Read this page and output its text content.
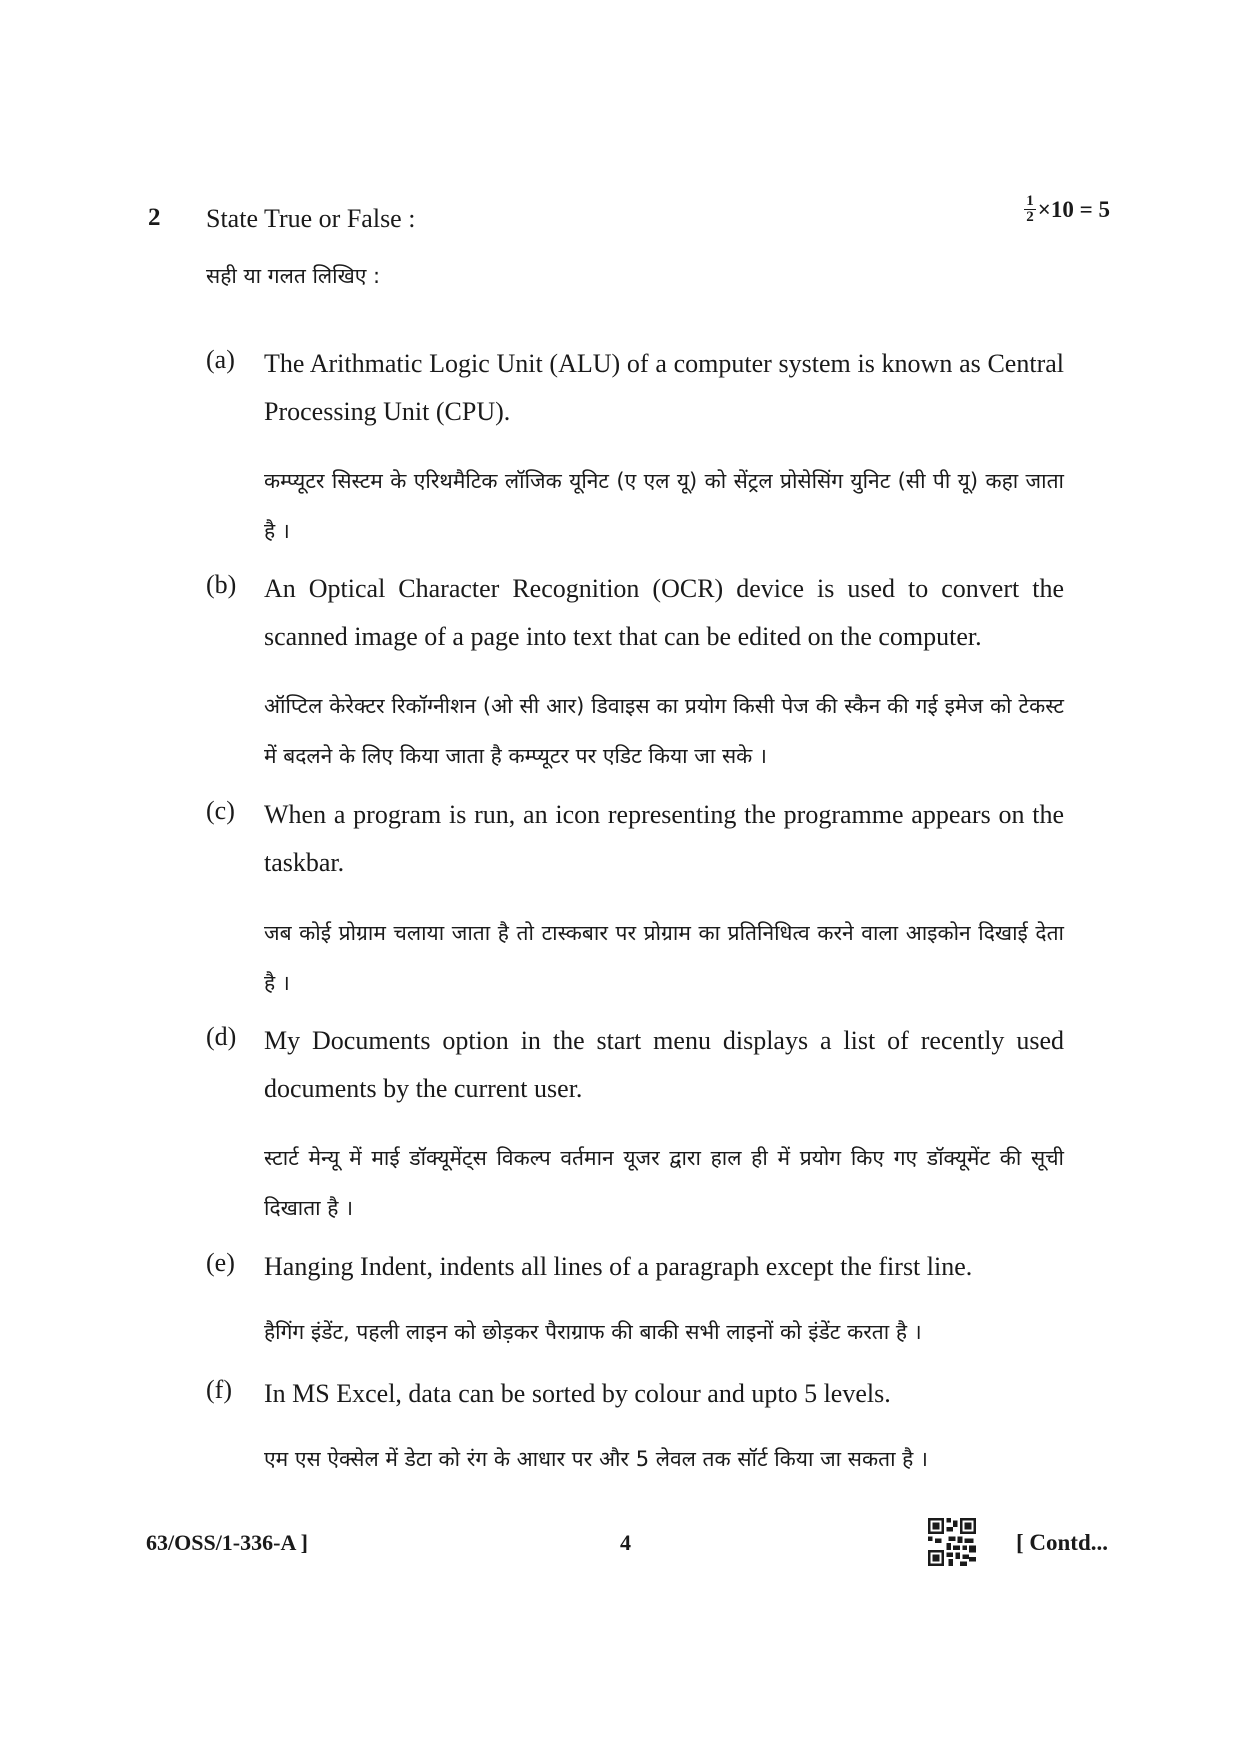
2 State True or False :	$\frac{1}{2} \times 10 = 5$
सही या गलत लिखिए :
(a) The Arithmatic Logic Unit (ALU) of a computer system is known as Central Processing Unit (CPU).
कम्प्यूटर सिस्टम के एरिथमैटिक लॉजिक यूनिट (ए एल यू) को सेंट्रल प्रोसेसिंग युनिट (सी पी यू) कहा जाता है ।
(b) An Optical Character Recognition (OCR) device is used to convert the scanned image of a page into text that can be edited on the computer.
ऑप्टिल केरेक्टर रिकॉग्नीशन (ओ सी आर) डिवाइस का प्रयोग किसी पेज की स्कैन की गई इमेज को टेकस्ट में बदलने के लिए किया जाता है कम्प्यूटर पर एडिट किया जा सके ।
(c) When a program is run, an icon representing the programme appears on the taskbar.
जब कोई प्रोग्राम चलाया जाता है तो टास्कबार पर प्रोग्राम का प्रतिनिधित्व करने वाला आइकोन दिखाई देता है ।
(d) My Documents option in the start menu displays a list of recently used documents by the current user.
स्टार्ट मेन्यू में माई डॉक्यूमेंट्स विकल्प वर्तमान यूजर द्वारा हाल ही में प्रयोग किए गए डॉक्यूमेंट की सूची दिखाता है ।
(e) Hanging Indent, indents all lines of a paragraph except the first line.
हैगिंग इंडेंट, पहली लाइन को छोड़कर पैराग्राफ की बाकी सभी लाइनों को इंडेंट करता है ।
(f) In MS Excel, data can be sorted by colour and upto 5 levels.
एम एस ऐक्सेल में डेटा को रंग के आधार पर और 5 लेवल तक सॉर्ट किया जा सकता है ।
63/OSS/1-336-A ]	4	[ Contd...
